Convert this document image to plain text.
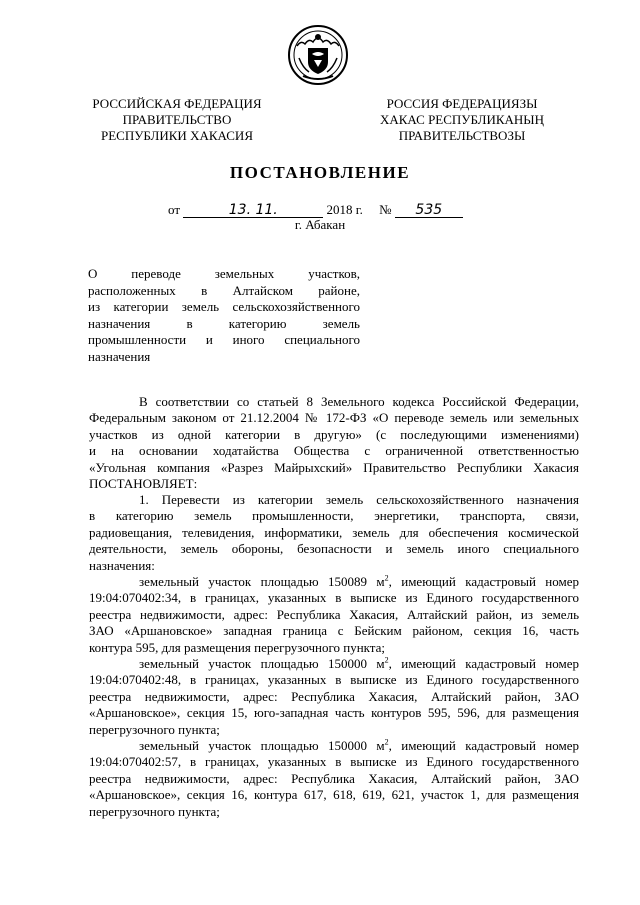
РОССИЙСКАЯ ФЕДЕРАЦИЯ
ПРАВИТЕЛЬСТВО
РЕСПУБЛИКИ ХАКАСИЯ
РОССИЯ ФЕДЕРАЦИЯЗЫ
ХАКАС РЕСПУБЛИКАНЫҢ
ПРАВИТЕЛЬСТВОЗЫ
ПОСТАНОВЛЕНИЕ
от	13. 11.	2018 г. №	535
г. Абакан
О переводе земельных участков,
расположенных в Алтайском районе,
из категории земель сельскохозяйственного
назначения в категорию земель
промышленности и иного специального
назначения
В соответствии со статьей 8 Земельного кодекса Российской Федерации,
Федеральным законом от 21.12.2004 № 172-ФЗ «О переводе земель или земельных
участков из одной категории в другую» (с последующими изменениями)
и на основании ходатайства Общества с ограниченной ответственностью
«Угольная компания «Разрез Майрыхский» Правительство Республики Хакасия
ПОСТАНОВЛЯЕТ:
1. Перевести из категории земель сельскохозяйственного назначения
в категорию земель промышленности, энергетики, транспорта, связи,
радиовещания, телевидения, информатики, земель для обеспечения космической
деятельности, земель обороны, безопасности и земель иного специального
назначения:
земельный участок площадью 150089 $м^2$, имеющий кадастровый номер
19:04:070402:34, в границах, указанных в выписке из Единого государственного
реестра недвижимости, адрес: Республика Хакасия, Алтайский район, из земель
ЗАО «Аршановское» западная граница с Бейским районом, секция 16, часть
контура 595, для размещения перегрузочного пункта;
земельный участок площадью 150000 $м^2$, имеющий кадастровый номер
19:04:070402:48, в границах, указанных в выписке из Единого государственного
реестра недвижимости, адрес: Республика Хакасия, Алтайский район, ЗАО
«Аршановское», секция 15, юго-западная часть контуров 595, 596, для размещения
перегрузочного пункта;
земельный участок площадью 150000 $м^2$, имеющий кадастровый номер
19:04:070402:57, в границах, указанных в выписке из Единого государственного
реестра недвижимости, адрес: Республика Хакасия, Алтайский район, ЗАО
«Аршановское», секция 16, контура 617, 618, 619, 621, участок 1, для размещения
перегрузочного пункта;
